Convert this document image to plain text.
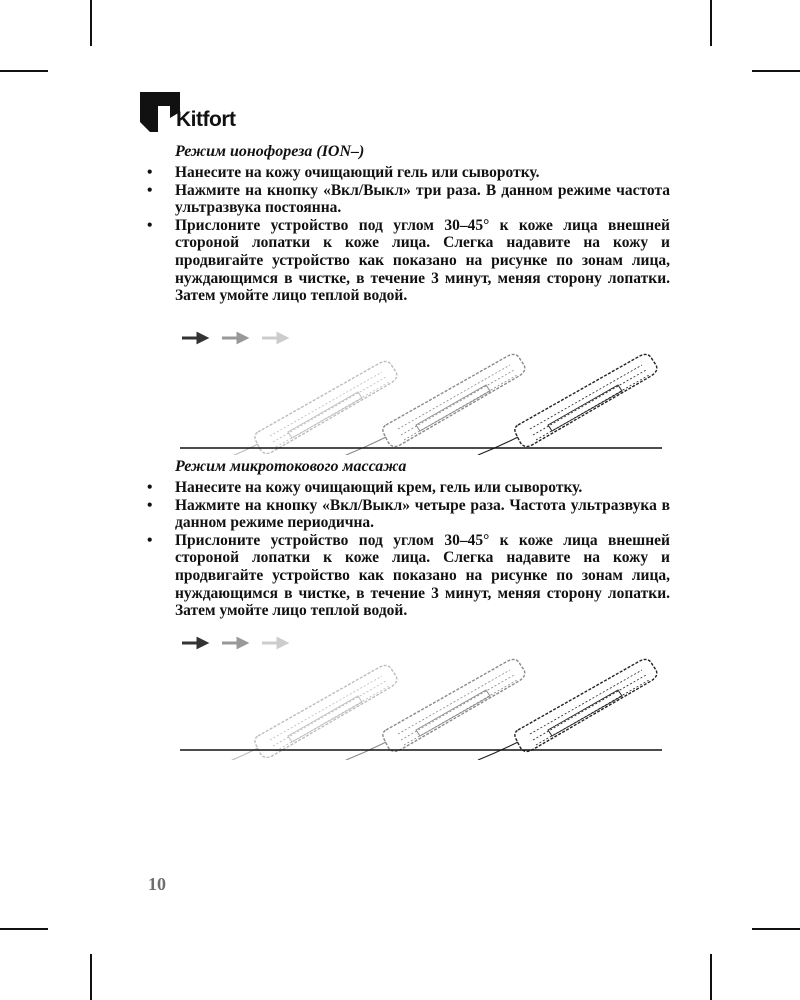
Kitfort
Режим ионофореза (ION–)
• Нанесите на кожу очищающий гель или сыворотку.
• Нажмите на кнопку «Вкл/Выкл» три раза. В данном режиме частота ультразвука постоянна.
• Прислоните устройство под углом 30–45° к коже лица внешней стороной лопатки к коже лица. Слегка надавите на кожу и продвигайте устройство как показано на рисунке по зонам лица, нуждающимся в чистке, в течение 3 минут, меняя сторону лопатки. Затем умойте лицо теплой водой.
Режим микротокового массажа
• Нанесите на кожу очищающий крем, гель или сыворотку.
• Нажмите на кнопку «Вкл/Выкл» четыре раза. Частота ультразвука в данном режиме периодична.
• Прислоните устройство под углом 30–45° к коже лица внешней стороной лопатки к коже лица. Слегка надавите на кожу и продвигайте устройство как показано на рисунке по зонам лица, нуждающимся в чистке, в течение 3 минут, меняя сторону лопатки. Затем умойте лицо теплой водой.
10
